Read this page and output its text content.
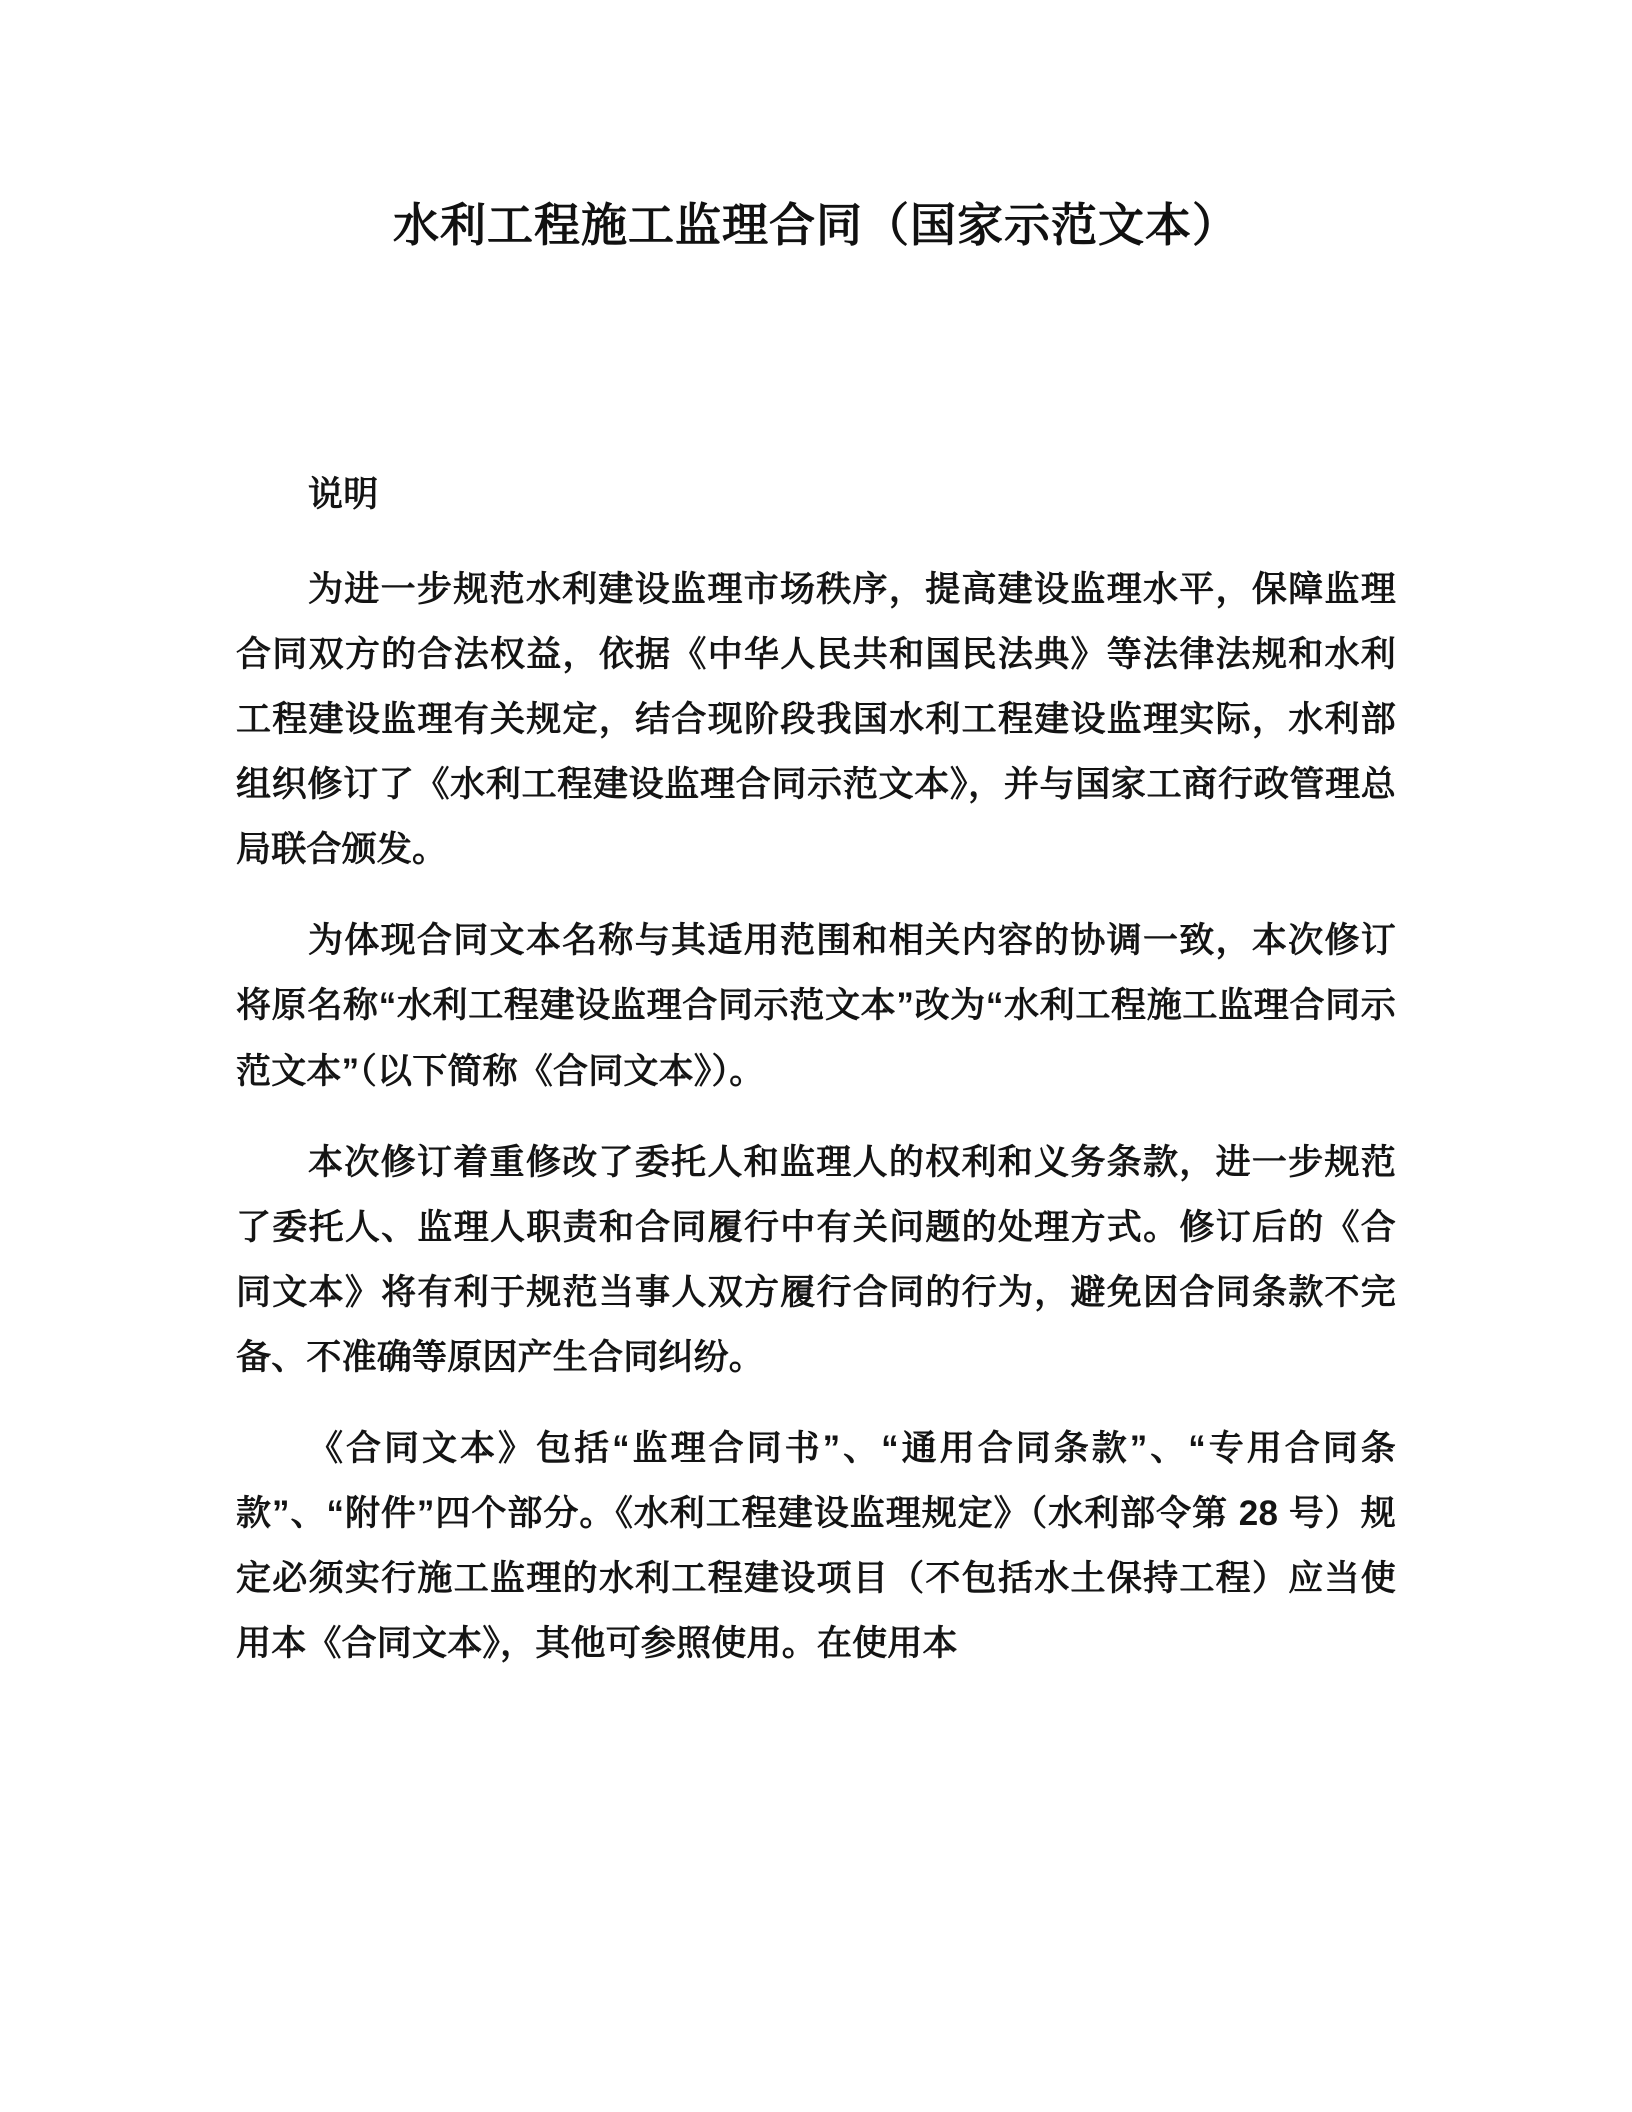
水利工程施工监理合同（国家示范文本）

说明

为进一步规范水利建设监理市场秩序，提高建设监理水平，保障监理合同双方的合法权益，依据《中华人民共和国民法典》等法律法规和水利工程建设监理有关规定，结合现阶段我国水利工程建设监理实际，水利部组织修订了《水利工程建设监理合同示范文本》，并与国家工商行政管理总局联合颁发。

为体现合同文本名称与其适用范围和相关内容的协调一致，本次修订将原名称“水利工程建设监理合同示范文本”改为“水利工程施工监理合同示范文本”（以下简称《合同文本》）。

本次修订着重修改了委托人和监理人的权利和义务条款，进一步规范了委托人、监理人职责和合同履行中有关问题的处理方式。修订后的《合同文本》将有利于规范当事人双方履行合同的行为，避免因合同条款不完备、不准确等原因产生合同纠纷。

《合同文本》包括“监理合同书”、“通用合同条款”、“专用合同条款”、“附件”四个部分。《水利工程建设监理规定》（水利部令第 28 号）规定必须实行施工监理的水利工程建设项目（不包括水土保持工程）应当使用本《合同文本》，其他可参照使用。在使用本
